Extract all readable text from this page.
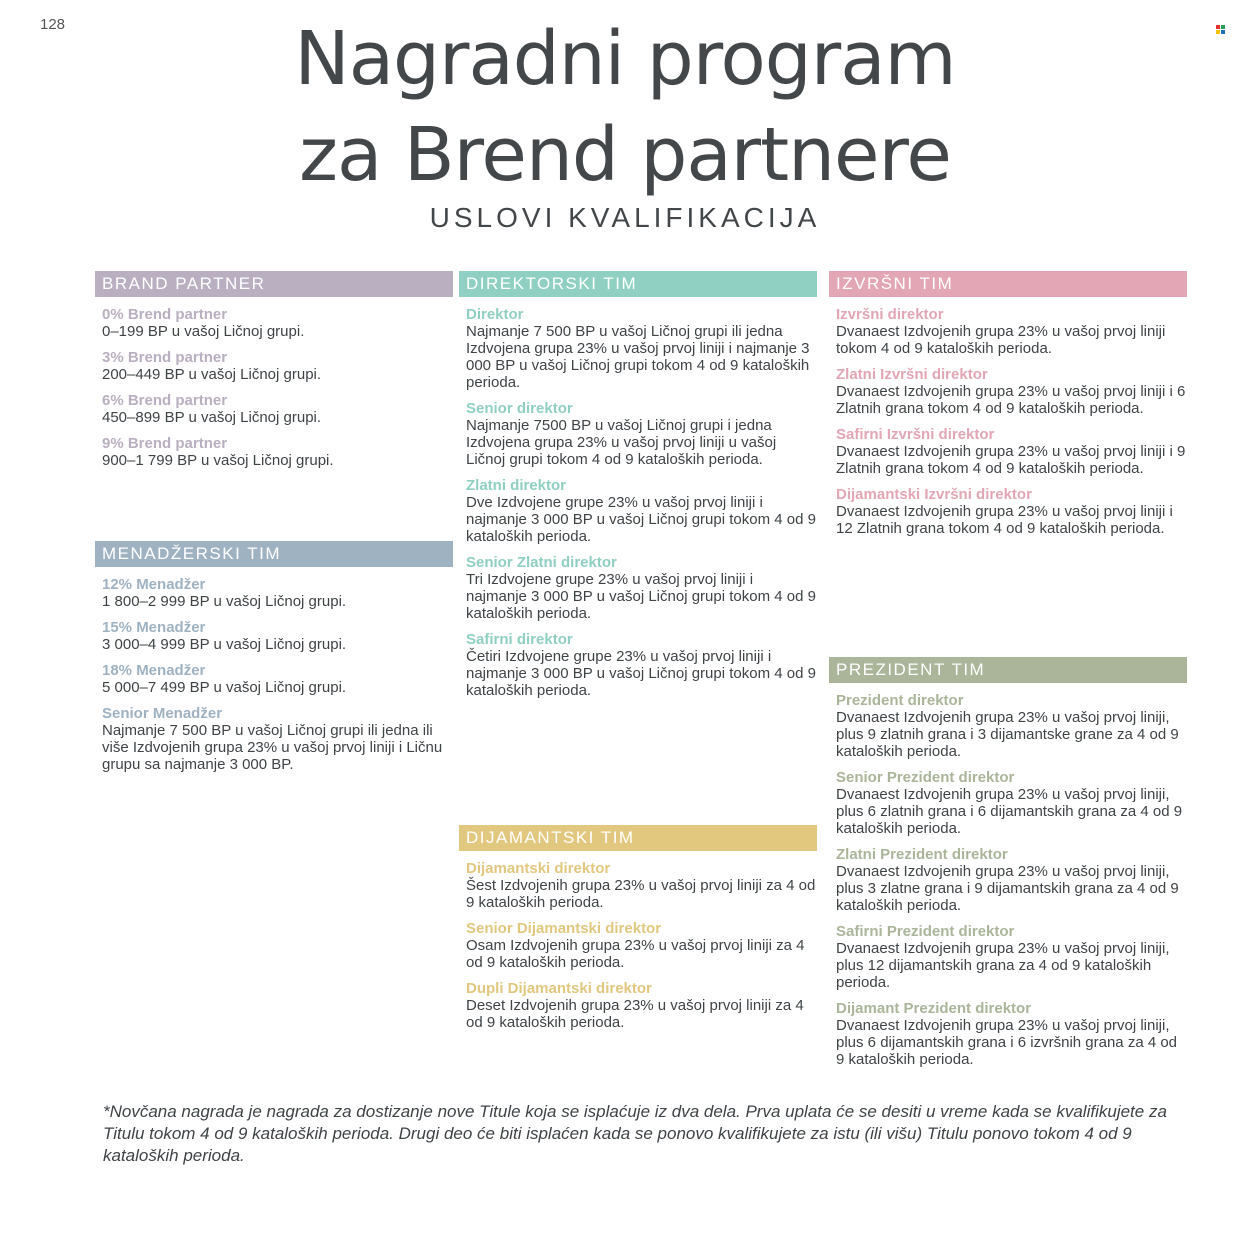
128	Nagradni program
za Brend partnere
USLOVI KVALIFIKACIJA
BRAND PARTNER
0% Brend partner
0–199 BP u vašoj Ličnoj grupi.
3% Brend partner
200–449 BP u vašoj Ličnoj grupi.
6% Brend partner
450–899 BP u vašoj Ličnoj grupi.
9% Brend partner
900–1 799 BP u vašoj Ličnoj grupi.
MENADŽERSKI TIM
12% Menadžer
1 800–2 999 BP u vašoj Ličnoj grupi.
15% Menadžer
3 000–4 999 BP u vašoj Ličnoj grupi.
18% Menadžer
5 000–7 499 BP u vašoj Ličnoj grupi.
Senior Menadžer
Najmanje 7 500 BP u vašoj Ličnoj grupi ili jedna ili više Izdvojenih grupa 23% u vašoj prvoj liniji i Ličnu grupu sa najmanje 3 000 BP.
DIREKTORSKI TIM
Direktor
Najmanje 7 500 BP u vašoj Ličnoj grupi ili jedna Izdvojena grupa 23% u vašoj prvoj liniji i najmanje 3 000 BP u vašoj Ličnoj grupi tokom 4 od 9 kataloških perioda.
Senior direktor
Najmanje 7500 BP u vašoj Ličnoj grupi i jedna Izdvojena grupa 23% u vašoj prvoj liniji u vašoj Ličnoj grupi tokom 4 od 9 kataloških perioda.
Zlatni direktor
Dve Izdvojene grupe 23% u vašoj prvoj liniji i najmanje 3 000 BP u vašoj Ličnoj grupi tokom 4 od 9 kataloških perioda.
Senior Zlatni direktor
Tri Izdvojene grupe 23% u vašoj prvoj liniji i najmanje 3 000 BP u vašoj Ličnoj grupi tokom 4 od 9 kataloških perioda.
Safirni direktor
Četiri Izdvojene grupe 23% u vašoj prvoj liniji i najmanje 3 000 BP u vašoj Ličnoj grupi tokom 4 od 9 kataloških perioda.
DIJAMANTSKI TIM
Dijamantski direktor
Šest Izdvojenih grupa 23% u vašoj prvoj liniji za 4 od 9 kataloških perioda.
Senior Dijamantski direktor
Osam Izdvojenih grupa 23% u vašoj prvoj liniji za 4 od 9 kataloških perioda.
Dupli Dijamantski direktor
Deset Izdvojenih grupa 23% u vašoj prvoj liniji za 4 od 9 kataloških perioda.
IZVRŠNI TIM
Izvršni direktor
Dvanaest Izdvojenih grupa 23% u vašoj prvoj liniji tokom 4 od 9 kataloških perioda.
Zlatni Izvršni direktor
Dvanaest Izdvojenih grupa 23% u vašoj prvoj liniji i 6 Zlatnih grana tokom 4 od 9 kataloških perioda.
Safirni Izvršni direktor
Dvanaest Izdvojenih grupa 23% u vašoj prvoj liniji i 9 Zlatnih grana tokom 4 od 9 kataloških perioda.
Dijamantski Izvršni direktor
Dvanaest Izdvojenih grupa 23% u vašoj prvoj liniji i 12 Zlatnih grana tokom 4 od 9 kataloških perioda.
PREZIDENT TIM
Prezident direktor
Dvanaest Izdvojenih grupa 23% u vašoj prvoj liniji, plus 9 zlatnih grana i 3 dijamantske grane za 4 od 9 kataloških perioda.
Senior Prezident direktor
Dvanaest Izdvojenih grupa 23% u vašoj prvoj liniji, plus 6 zlatnih grana i 6 dijamantskih grana za 4 od 9 kataloških perioda.
Zlatni Prezident direktor
Dvanaest Izdvojenih grupa 23% u vašoj prvoj liniji, plus 3 zlatne grana i 9 dijamantskih grana za 4 od 9 kataloških perioda.
Safirni Prezident direktor
Dvanaest Izdvojenih grupa 23% u vašoj prvoj liniji, plus 12 dijamantskih grana za 4 od 9 kataloških perioda.
Dijamant Prezident direktor
Dvanaest Izdvojenih grupa 23% u vašoj prvoj liniji, plus 6 dijamantskih grana i 6 izvršnih grana za 4 od 9 kataloških perioda.

*Novčana nagrada je nagrada za dostizanje nove Titule koja se isplaćuje iz dva dela. Prva uplata će se desiti u vreme kada se kvalifikujete za Titulu tokom 4 od 9 kataloških perioda. Drugi deo će biti isplaćen kada se ponovo kvalifikujete za istu (ili višu) Titulu ponovo tokom 4 od 9 kataloških perioda.
